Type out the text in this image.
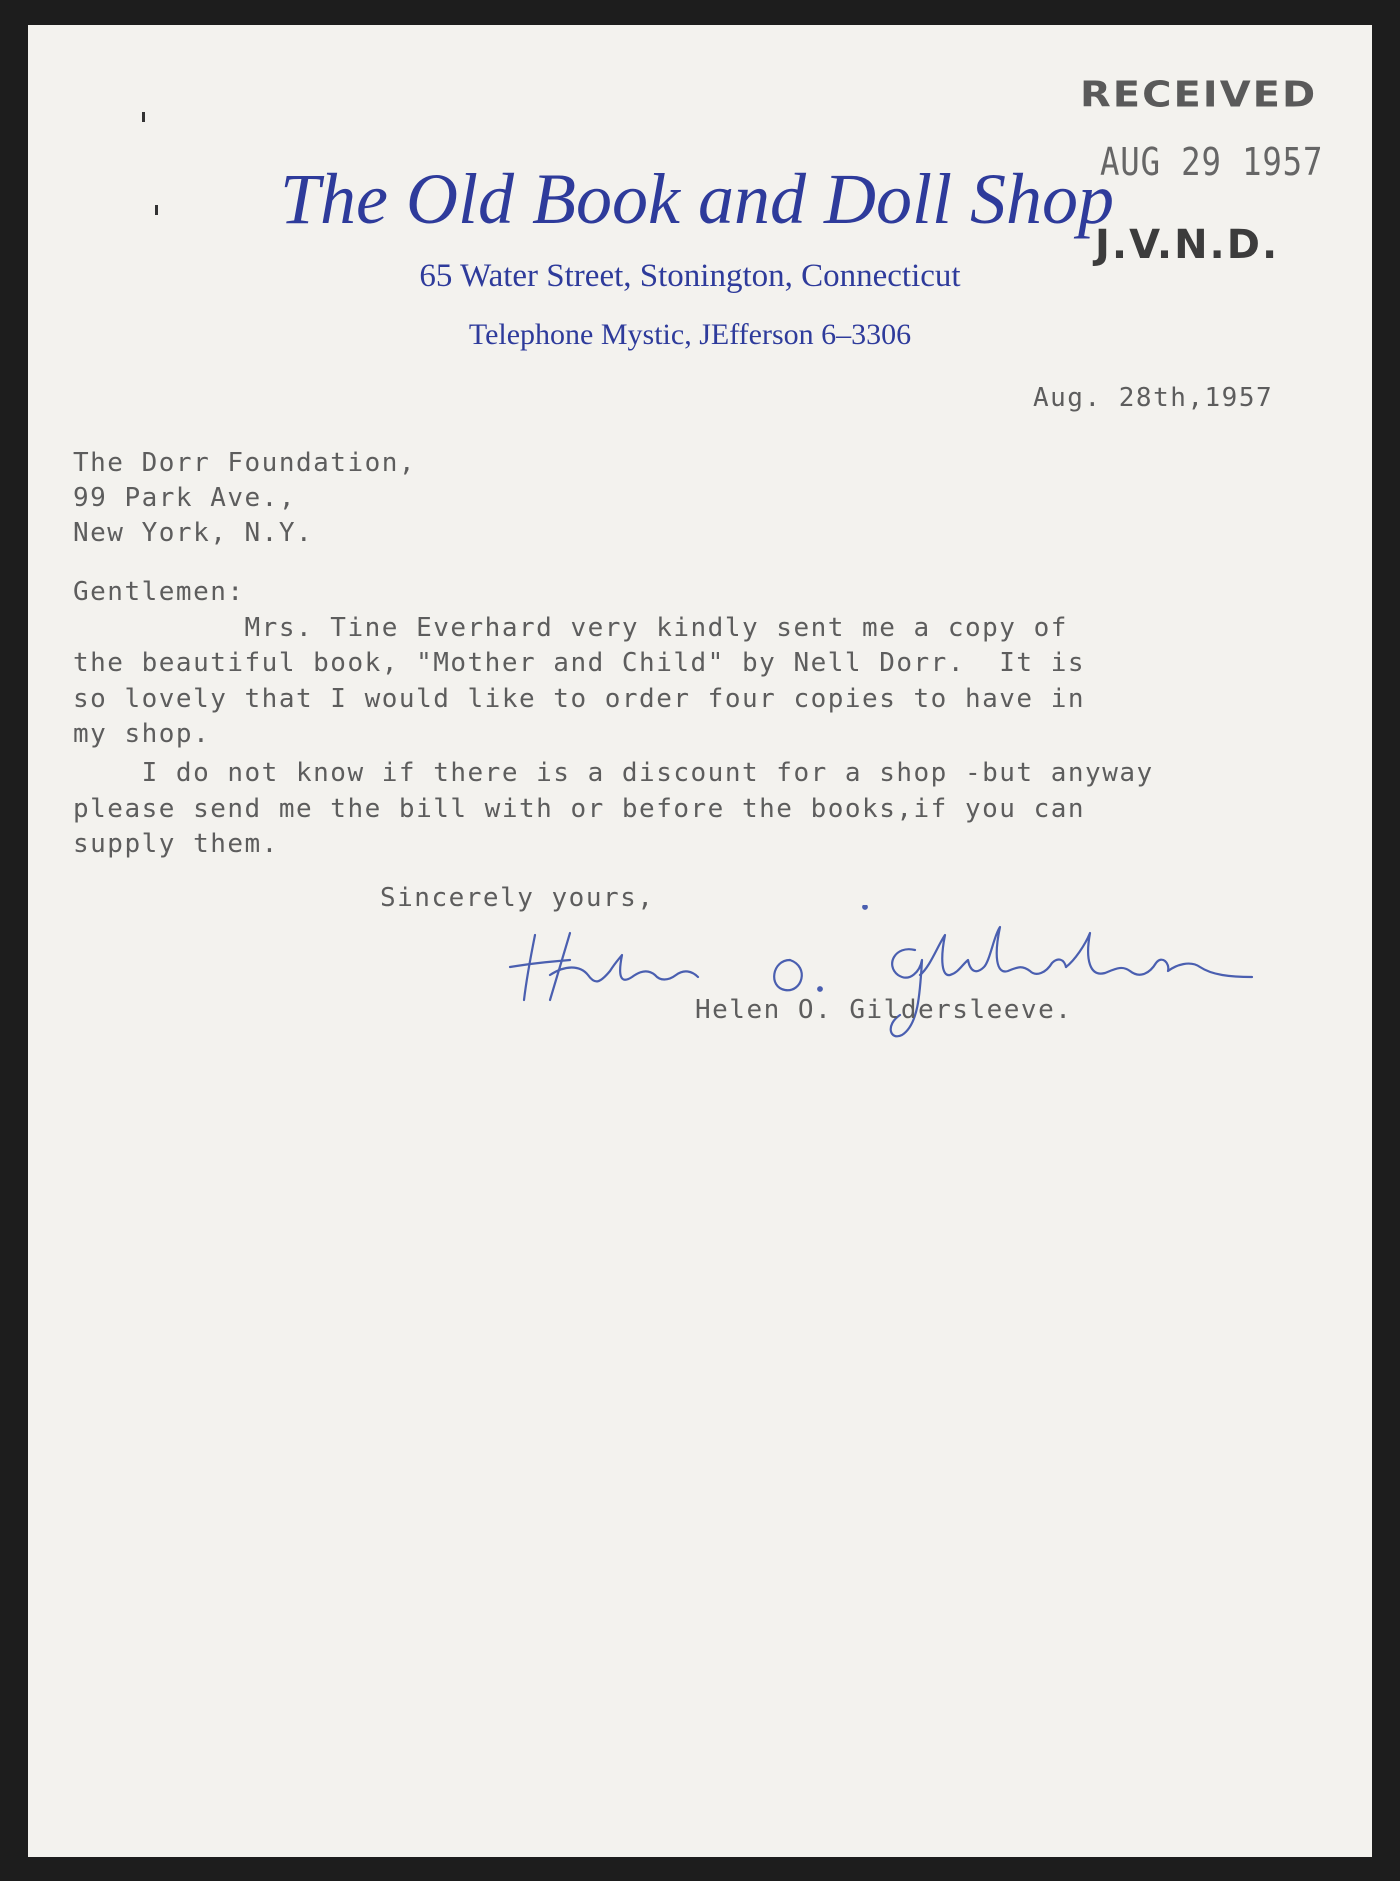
The Old Book and Doll Shop
65 Water Street, Stonington, Connecticut
Telephone Mystic, JEfferson 6–3306
RECEIVED
AUG 29 1957
J.V.N.D.
Aug. 28th,1957
The Dorr Foundation,
99 Park Ave.,
New York, N.Y.
Gentlemen:
Mrs. Tine Everhard very kindly sent me a copy of
the beautiful book, "Mother and Child" by Nell Dorr.  It is
so lovely that I would like to order four copies to have in
my shop.
I do not know if there is a discount for a shop -but anyway
please send me the bill with or before the books,if you can
supply them.
Sincerely yours,
Helen O. Gildersleeve.
